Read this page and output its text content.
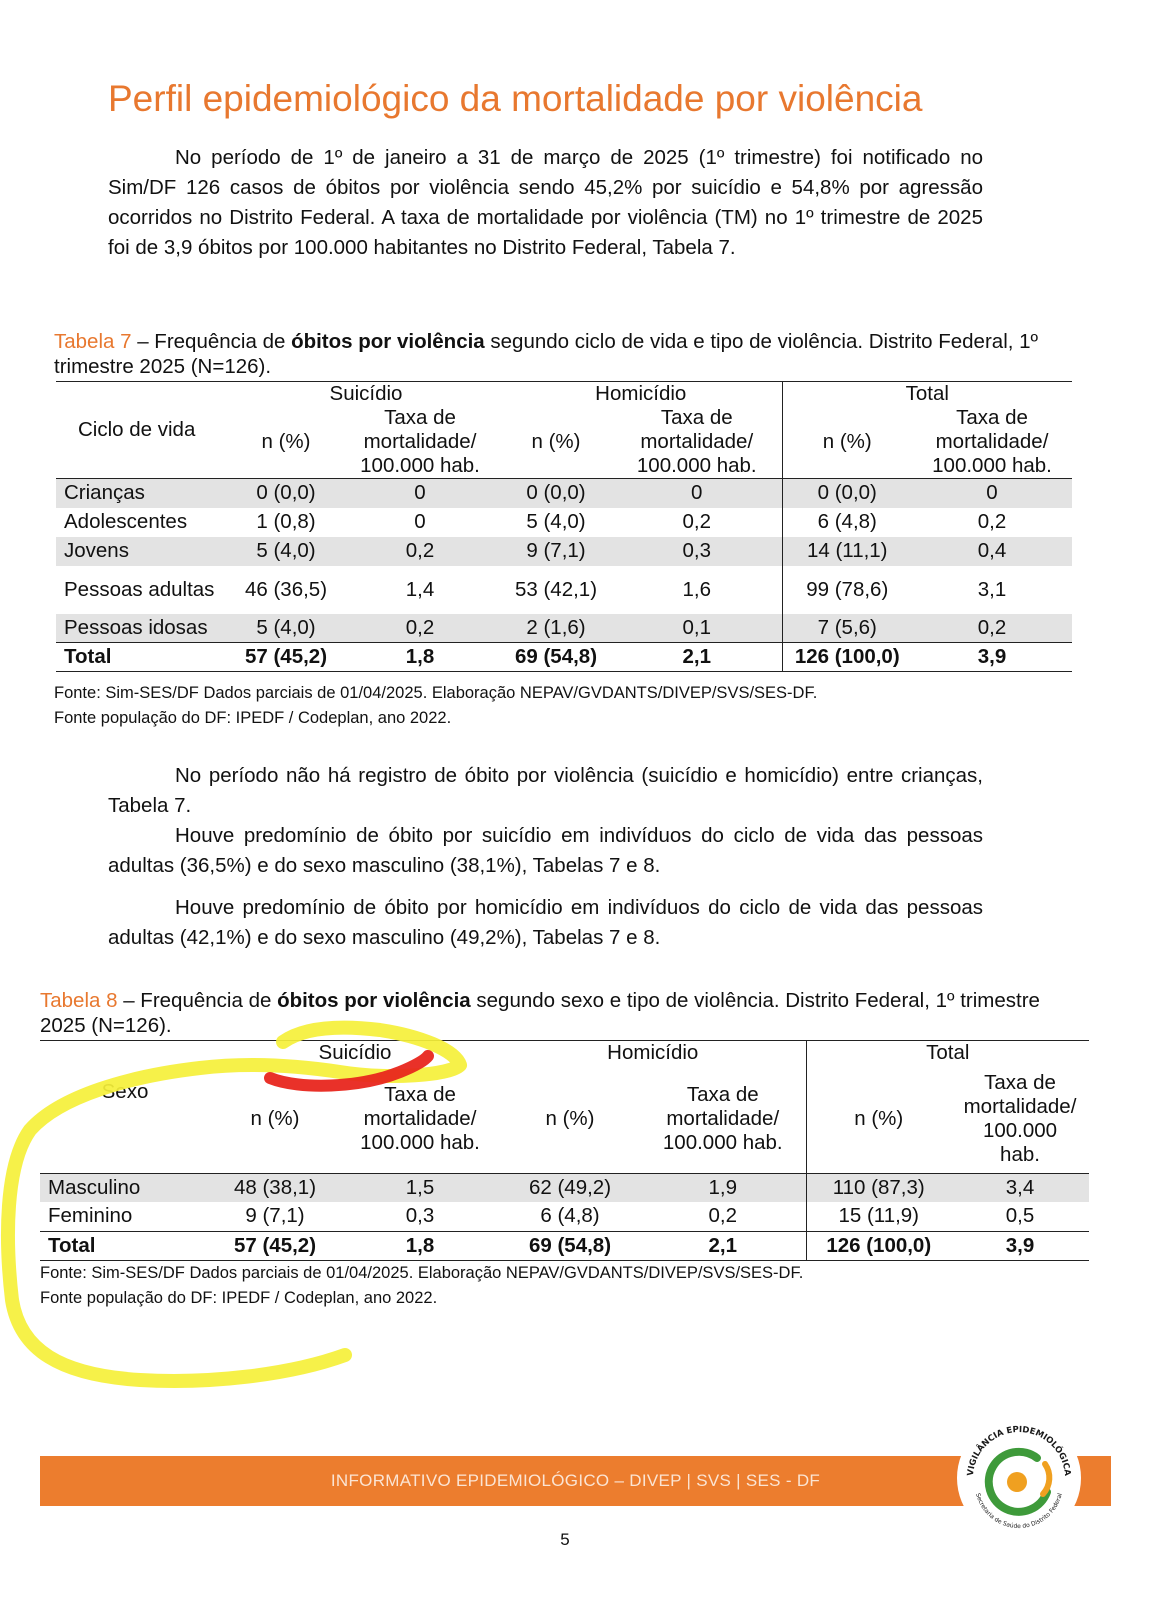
Perfil epidemiológico da mortalidade por violência

No período de 1º de janeiro a 31 de março de 2025 (1º trimestre) foi notificado no Sim/DF 126 casos de óbitos por violência sendo 45,2% por suicídio e 54,8% por agressão ocorridos no Distrito Federal. A taxa de mortalidade por violência (TM) no 1º trimestre de 2025 foi de 3,9 óbitos por 100.000 habitantes no Distrito Federal, Tabela 7.

Tabela 7 – Frequência de óbitos por violência segundo ciclo de vida e tipo de violência. Distrito Federal, 1º trimestre 2025 (N=126).

Ciclo de vida	Suicídio		Homicídio		Total	
	n (%)	Taxa de
mortalidade/
100.000 hab.	n (%)	Taxa de
mortalidade/
100.000 hab.	n (%)	Taxa de
mortalidade/
100.000 hab.
Crianças	0 (0,0)	0	0 (0,0)	0	0 (0,0)	0
Adolescentes	1 (0,8)	0	5 (4,0)	0,2	6 (4,8)	0,2
Jovens	5 (4,0)	0,2	9 (7,1)	0,3	14 (11,1)	0,4
Pessoas adultas	46 (36,5)	1,4	53 (42,1)	1,6	99 (78,6)	3,1
Pessoas idosas	5 (4,0)	0,2	2 (1,6)	0,1	7 (5,6)	0,2
Total	57 (45,2)	1,8	69 (54,8)	2,1	126 (100,0)	3,9

Fonte: Sim-SES/DF Dados parciais de 01/04/2025. Elaboração NEPAV/GVDANTS/DIVEP/SVS/SES-DF.
Fonte população do DF: IPEDF / Codeplan, ano 2022.

No período não há registro de óbito por violência (suicídio e homicídio) entre crianças, Tabela 7.

Houve predomínio de óbito por suicídio em indivíduos do ciclo de vida das pessoas adultas (36,5%) e do sexo masculino (38,1%), Tabelas 7 e 8.

Houve predomínio de óbito por homicídio em indivíduos do ciclo de vida das pessoas adultas (42,1%) e do sexo masculino (49,2%), Tabelas 7 e 8.

Tabela 8 – Frequência de óbitos por violência segundo sexo e tipo de violência. Distrito Federal, 1º trimestre 2025 (N=126).

Sexo	Suicídio		Homicídio		Total	
	n (%)	Taxa de
mortalidade/
100.000 hab.	n (%)	Taxa de
mortalidade/
100.000 hab.	n (%)	Taxa de
mortalidade/
100.000
hab.
Masculino	48 (38,1)	1,5	62 (49,2)	1,9	110 (87,3)	3,4
Feminino	9 (7,1)	0,3	6 (4,8)	0,2	15 (11,9)	0,5
Total	57 (45,2)	1,8	69 (54,8)	2,1	126 (100,0)	3,9

Fonte: Sim-SES/DF Dados parciais de 01/04/2025. Elaboração NEPAV/GVDANTS/DIVEP/SVS/SES-DF.
Fonte população do DF: IPEDF / Codeplan, ano 2022.

INFORMATIVO EPIDEMIOLÓGICO – DIVEP | SVS | SES - DF	VIGILÂNCIA EPIDEMIOLÓGICA
Secretaria de Saúde do Distrito Federal
5
